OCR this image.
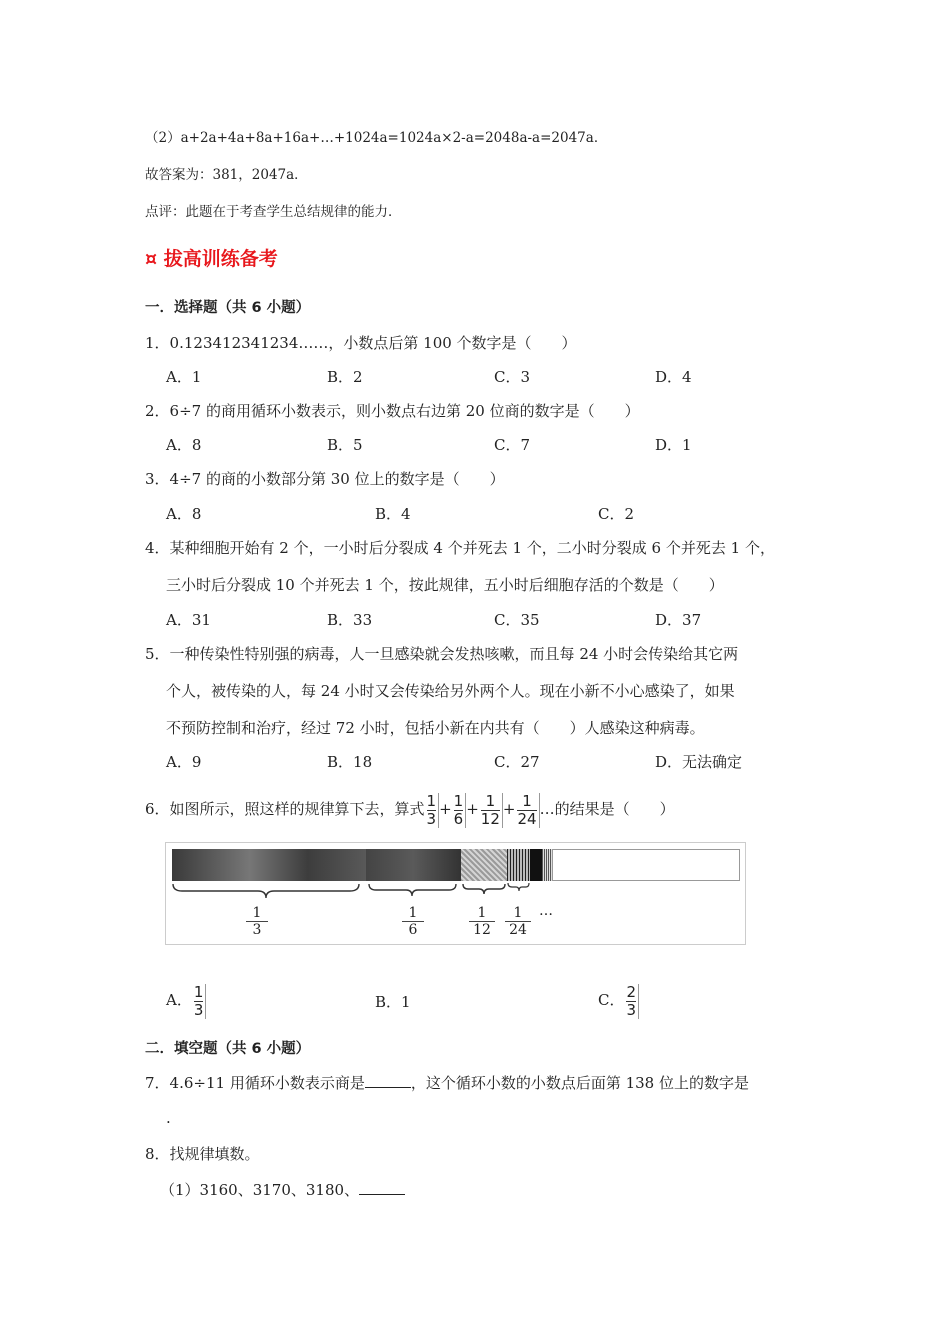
（2）a+2a+4a+8a+16a+…+1024a=1024a×2-a=2048a-a=2047a．
故答案为：381，2047a．
点评：此题在于考查学生总结规律的能力．
¤ 拔高训练备考
一．选择题（共 6 小题）
1．0.123412341234……，小数点后第 100 个数字是（　　）
A．1	B．2	C．3	D．4
2．6÷7 的商用循环小数表示，则小数点右边第 20 位商的数字是（　　）
A．8	B．5	C．7	D．1
3．4÷7 的商的小数部分第 30 位上的数字是（　　）
A．8	B．4	C．2
4．某种细胞开始有 2 个，一小时后分裂成 4 个并死去 1 个，二小时分裂成 6 个并死去 1 个，
三小时后分裂成 10 个并死去 1 个，按此规律，五小时后细胞存活的个数是（　　）
A．31	B．33	C．35	D．37
5．一种传染性特别强的病毒，人一旦感染就会发热咳嗽，而且每 24 小时会传染给其它两
个人，被传染的人，每 24 小时又会传染给另外两个人。现在小新不小心感染了，如果
不预防控制和治疗，经过 72 小时，包括小新在内共有（　　）人感染这种病毒。
A．9	B．18	C．27	D．无法确定
6．如图所示，照这样的规律算下去，算式 $\frac{1}{3} + \frac{1}{6} + \frac{1}{12} + \frac{1}{24}$ …的结果是（　　）
1
3
1
6
1
12
1
24
…
A． $\frac{1}{3}$	B．1	C． $\frac{2}{3}$
二．填空题（共 6 小题）
7．4.6÷11 用循环小数表示商是	，这个循环小数的小数点后面第 138 位上的数字是
.
8．找规律填数。
（1）3160、3170、3180、
